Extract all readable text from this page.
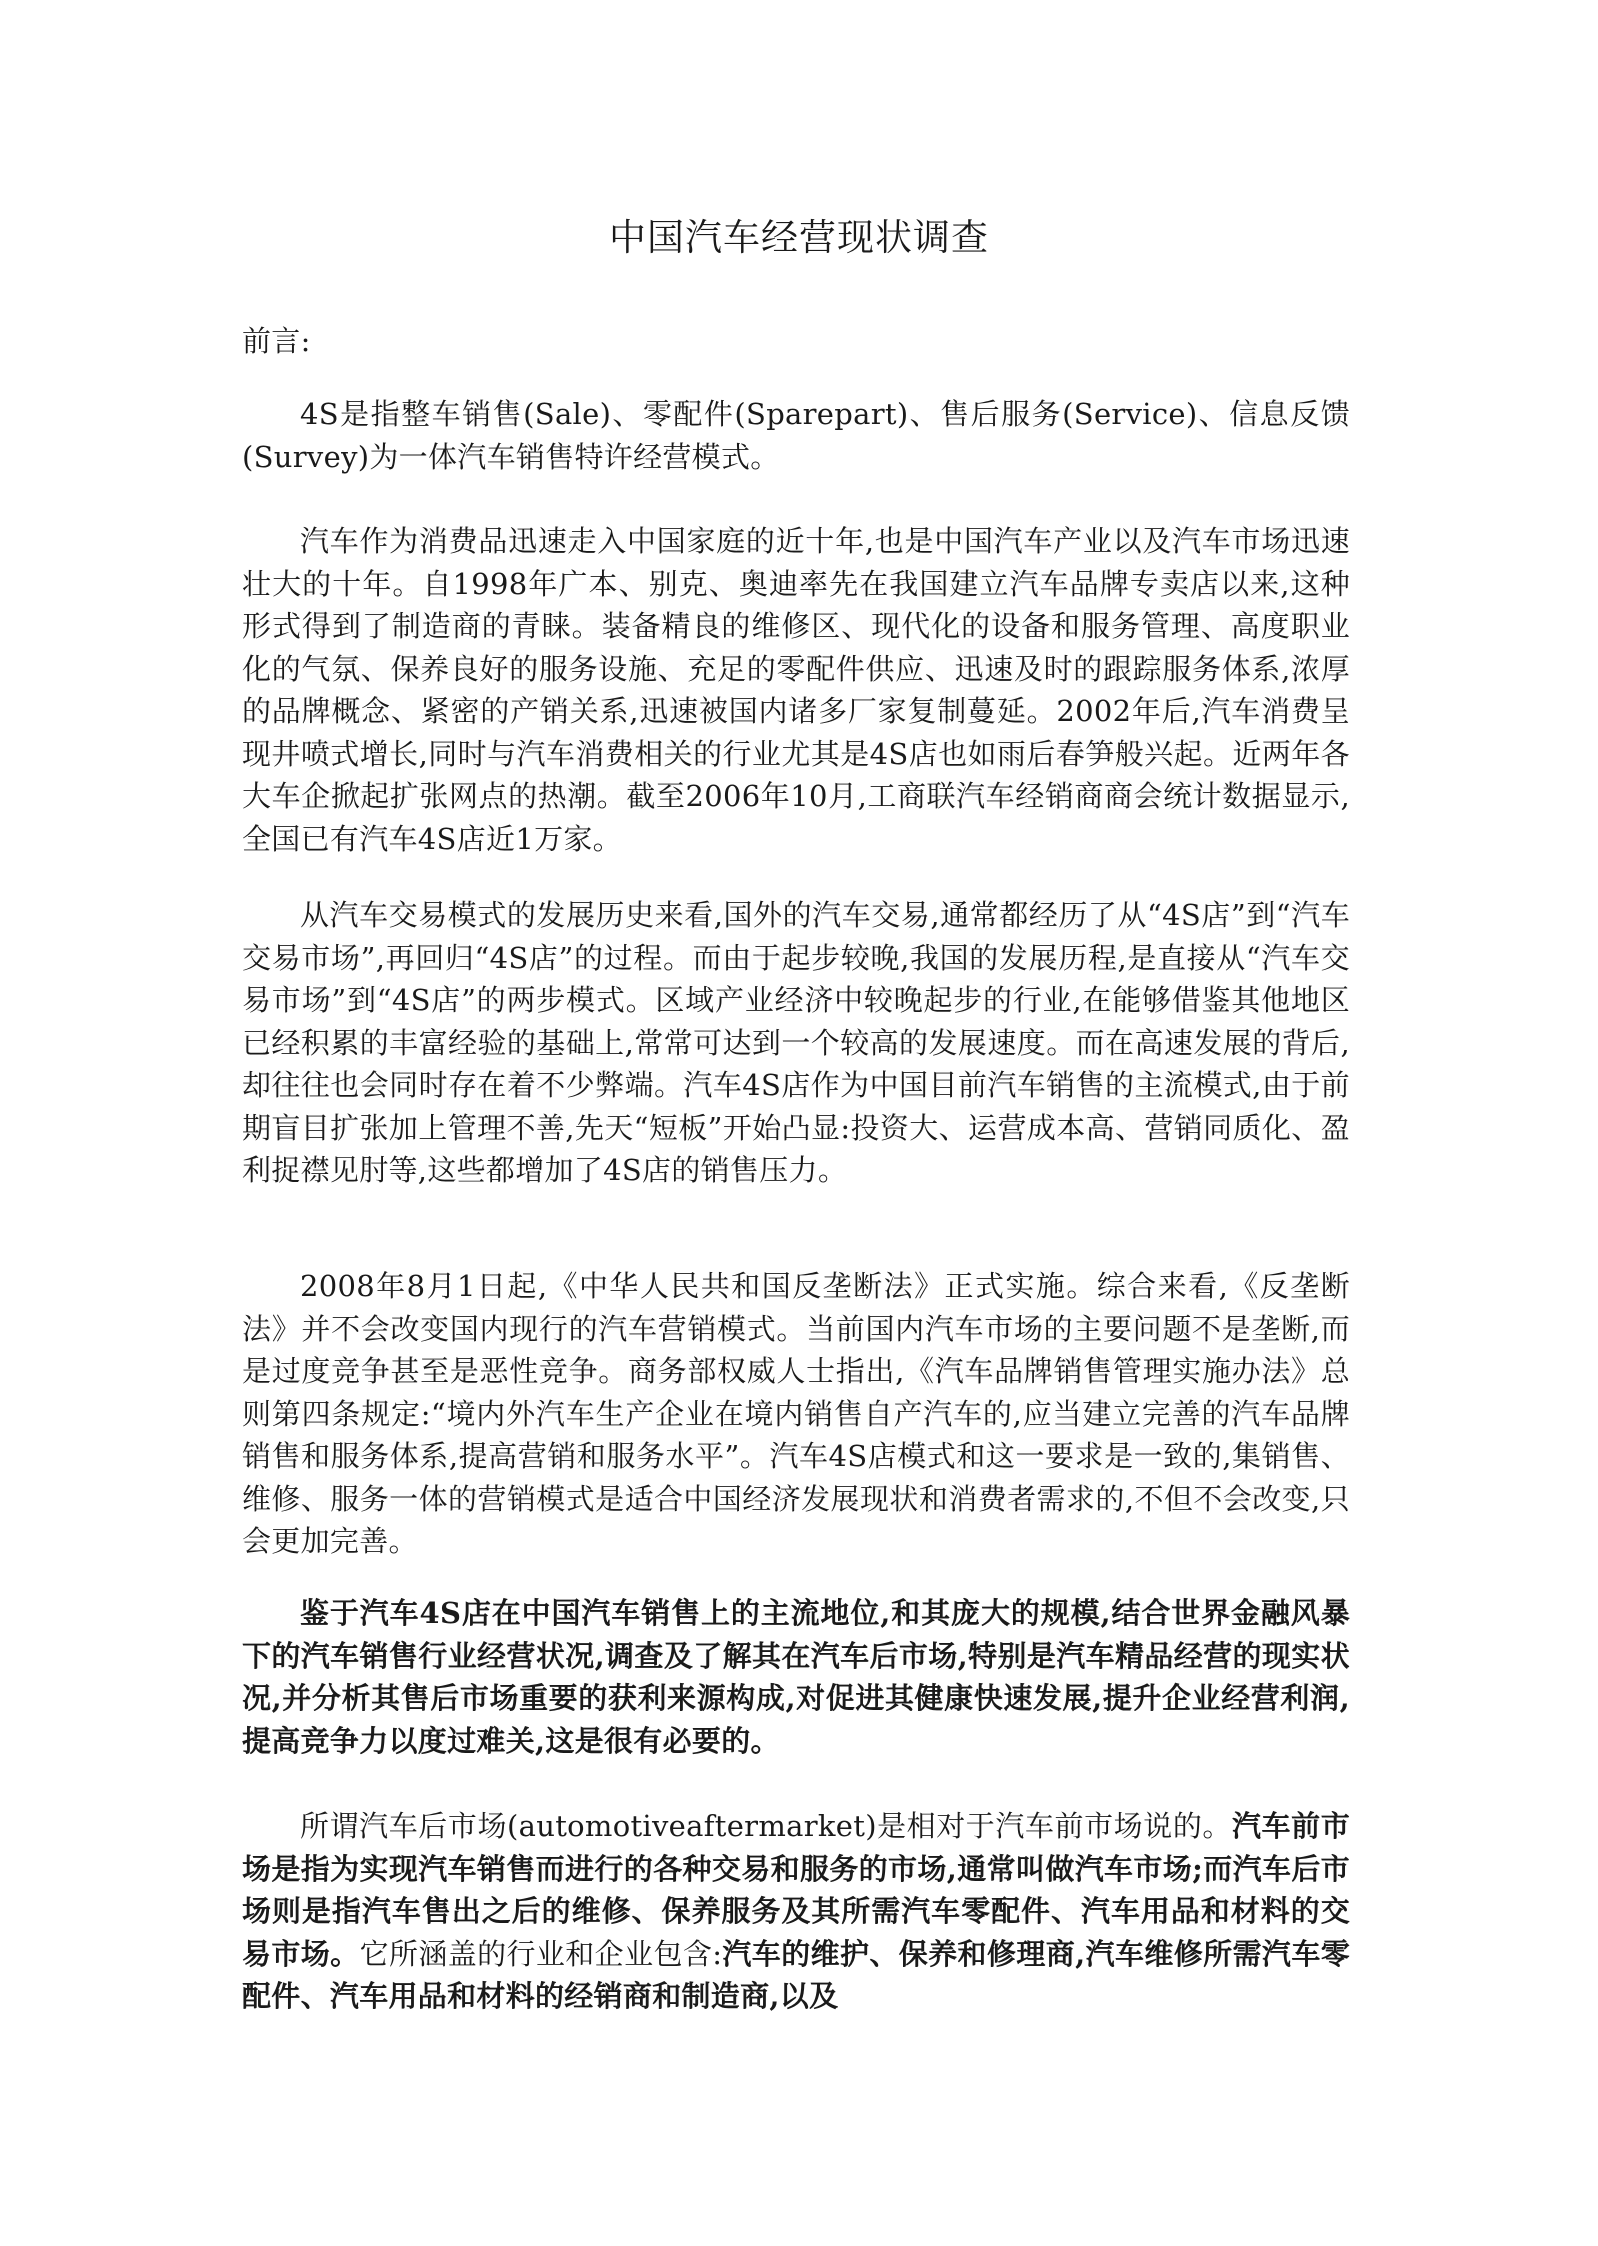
中国汽车经营现状调查
前言:
4S是指整车销售(Sale)、零配件(Sparepart)、售后服务(Service)、信息反馈(Survey)为一体汽车销售特许经营模式。
汽车作为消费品迅速走入中国家庭的近十年,也是中国汽车产业以及汽车市场迅速壮大的十年。自1998年广本、别克、奥迪率先在我国建立汽车品牌专卖店以来,这种形式得到了制造商的青睐。装备精良的维修区、现代化的设备和服务管理、高度职业化的气氛、保养良好的服务设施、充足的零配件供应、迅速及时的跟踪服务体系,浓厚的品牌概念、紧密的产销关系,迅速被国内诸多厂家复制蔓延。2002年后,汽车消费呈现井喷式增长,同时与汽车消费相关的行业尤其是4S店也如雨后春笋般兴起。近两年各大车企掀起扩张网点的热潮。截至2006年10月,工商联汽车经销商商会统计数据显示,全国已有汽车4S店近1万家。
从汽车交易模式的发展历史来看,国外的汽车交易,通常都经历了从“4S店”到“汽车交易市场”,再回归“4S店”的过程。而由于起步较晚,我国的发展历程,是直接从“汽车交易市场”到“4S店”的两步模式。区域产业经济中较晚起步的行业,在能够借鉴其他地区已经积累的丰富经验的基础上,常常可达到一个较高的发展速度。而在高速发展的背后,却往往也会同时存在着不少弊端。汽车4S店作为中国目前汽车销售的主流模式,由于前期盲目扩张加上管理不善,先天“短板”开始凸显:投资大、运营成本高、营销同质化、盈利捉襟见肘等,这些都增加了4S店的销售压力。
2008年8月1日起,《中华人民共和国反垄断法》正式实施。综合来看,《反垄断法》并不会改变国内现行的汽车营销模式。当前国内汽车市场的主要问题不是垄断,而是过度竞争甚至是恶性竞争。商务部权威人士指出,《汽车品牌销售管理实施办法》总则第四条规定:“境内外汽车生产企业在境内销售自产汽车的,应当建立完善的汽车品牌销售和服务体系,提高营销和服务水平”。汽车4S店模式和这一要求是一致的,集销售、维修、服务一体的营销模式是适合中国经济发展现状和消费者需求的,不但不会改变,只会更加完善。
鉴于汽车4S店在中国汽车销售上的主流地位,和其庞大的规模,结合世界金融风暴下的汽车销售行业经营状况,调查及了解其在汽车后市场,特别是汽车精品经营的现实状况,并分析其售后市场重要的获利来源构成,对促进其健康快速发展,提升企业经营利润,提高竞争力以度过难关,这是很有必要的。
所谓汽车后市场(automotiveaftermarket)是相对于汽车前市场说的。汽车前市场是指为实现汽车销售而进行的各种交易和服务的市场,通常叫做汽车市场;而汽车后市场则是指汽车售出之后的维修、保养服务及其所需汽车零配件、汽车用品和材料的交易市场。它所涵盖的行业和企业包含:汽车的维护、保养和修理商,汽车维修所需汽车零配件、汽车用品和材料的经销商和制造商,以及
